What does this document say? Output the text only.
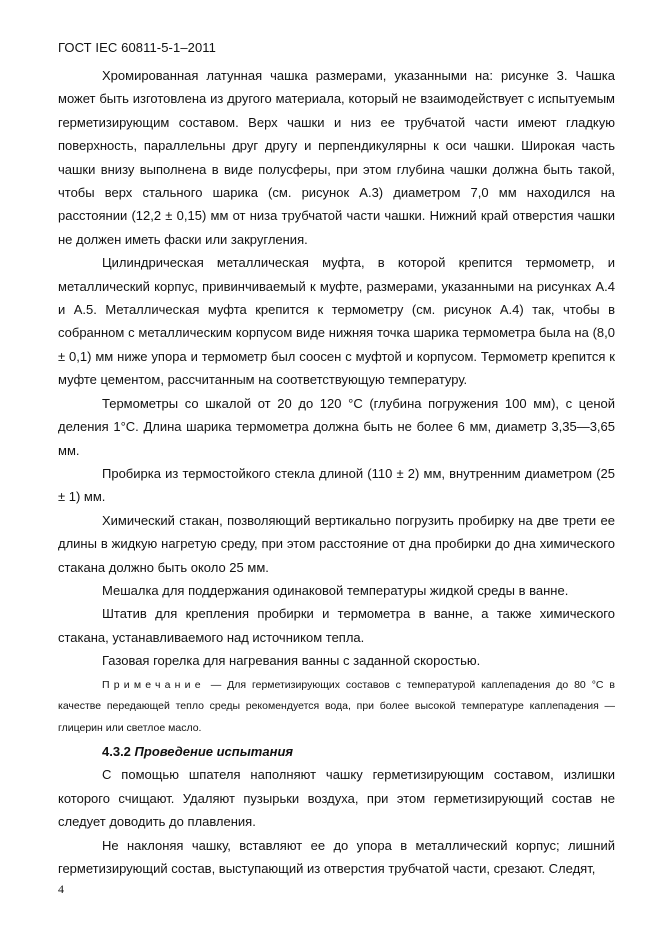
ГОСТ IEC 60811-5-1–2011

Хромированная латунная чашка размерами, указанными на: рисунке 3. Чашка может быть изготовлена из другого материала, который не взаимодействует с испытуемым герметизирующим составом. Верх чашки и низ ее трубчатой части имеют гладкую поверхность, параллельны друг другу и перпендикулярны к оси чашки. Широкая часть чашки внизу выполнена в виде полусферы, при этом глубина чашки должна быть такой, чтобы верх стального шарика (см. рисунок А.3) диаметром 7,0 мм находился на расстоянии (12,2 ± 0,15) мм от низа трубчатой части чашки. Нижний край отверстия чашки не должен иметь фаски или закругления.

Цилиндрическая металлическая муфта, в которой крепится термометр, и металлический корпус, привинчиваемый к муфте, размерами, указанными на рисунках А.4 и А.5. Металлическая муфта крепится к термометру (см. рисунок А.4) так, чтобы в собранном с металлическим корпусом виде нижняя точка шарика термометра была на (8,0 ± 0,1) мм ниже упора и термометр был соосен с муфтой и корпусом. Термометр крепится к муфте цементом, рассчитанным на соответствующую температуру.

Термометры со шкалой от 20 до 120 °С (глубина погружения 100 мм), с ценой деления 1°С. Длина шарика термометра должна быть не более 6 мм, диаметр 3,35—3,65 мм.

Пробирка из термостойкого стекла длиной (110 ± 2) мм, внутренним диаметром (25 ± 1) мм.

Химический стакан, позволяющий вертикально погрузить пробирку на две трети ее длины в жидкую нагретую среду, при этом расстояние от дна пробирки до дна химического стакана должно быть около 25 мм.

Мешалка для поддержания одинаковой температуры жидкой среды в ванне.

Штатив для крепления пробирки и термометра в ванне, а также химического стакана, устанавливаемого над источником тепла.

Газовая горелка для нагревания ванны с заданной скоростью.

Примечание — Для герметизирующих составов с температурой каплепадения до 80 °С в качестве передающей тепло среды рекомендуется вода, при более высокой температуре каплепадения — глицерин или светлое масло.

4.3.2 Проведение испытания

С помощью шпателя наполняют чашку герметизирующим составом, излишки которого счищают. Удаляют пузырьки воздуха, при этом герметизирующий состав не следует доводить до плавления.

Не наклоняя чашку, вставляют ее до упора в металлический корпус; лишний герметизирующий состав, выступающий из отверстия трубчатой части, срезают. Следят,

4
